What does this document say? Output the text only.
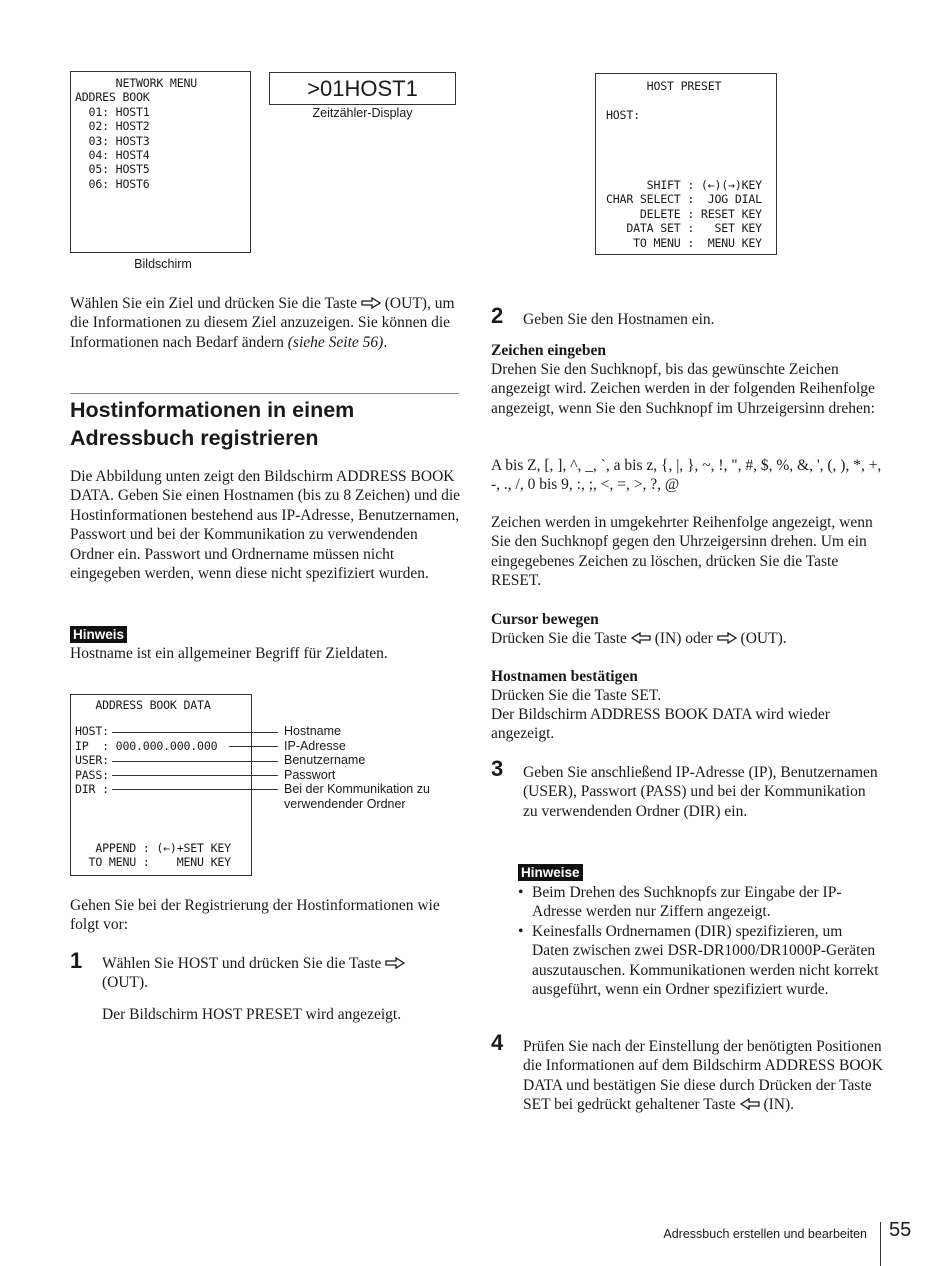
NETWORK MENU
ADDRES BOOK
01: HOST1
02: HOST2
03: HOST3
04: HOST4
05: HOST5
06: HOST6
Bildschirm
>01HOST1
Zeitzähler-Display
HOST PRESET

HOST:
SHIFT : (←)(→)KEY
CHAR SELECT :  JOG DIAL
DELETE : RESET KEY
DATA SET :   SET KEY
TO MENU :  MENU KEY
Wählen Sie ein Ziel und drücken Sie die Taste (OUT), um die Informationen zu diesem Ziel anzuzeigen. Sie können die Informationen nach Bedarf ändern (siehe Seite 56).
Hostinformationen in einem Adressbuch registrieren
Die Abbildung unten zeigt den Bildschirm ADDRESS BOOK DATA. Geben Sie einen Hostnamen (bis zu 8 Zeichen) und die Hostinformationen bestehend aus IP-Adresse, Benutzernamen, Passwort und bei der Kommunikation zu verwendenden Ordner ein. Passwort und Ordnername müssen nicht eingegeben werden, wenn diese nicht spezifiziert wurden.
Hinweis
Hostname ist ein allgemeiner Begriff für Zieldaten.
ADDRESS BOOK DATA
HOST:
IP  : 000.000.000.000
USER:
PASS:
DIR :
APPEND : (←)+SET KEY
TO MENU :    MENU KEY
Hostname
IP-Adresse
Benutzername
Passwort
Bei der Kommunikation zu verwendender Ordner
Gehen Sie bei der Registrierung der Hostinformationen wie folgt vor:
1 Wählen Sie HOST und drücken Sie die Taste  (OUT).
Der Bildschirm HOST PRESET wird angezeigt.
2 Geben Sie den Hostnamen ein.
Zeichen eingeben
Drehen Sie den Suchknopf, bis das gewünschte Zeichen angezeigt wird. Zeichen werden in der folgenden Reihenfolge angezeigt, wenn Sie den Suchknopf im Uhrzeigersinn drehen:
A bis Z, [, ], ^, _, `, a bis z, {, |, }, ~, !, ", #, $, %, &, ', (, ), *, +, -, ., /, 0 bis 9, :, ;, <, =, >, ?, @
Zeichen werden in umgekehrter Reihenfolge angezeigt, wenn Sie den Suchknopf gegen den Uhrzeigersinn drehen. Um ein eingegebenes Zeichen zu löschen, drücken Sie die Taste RESET.
Cursor bewegen
Drücken Sie die Taste (IN) oder (OUT).
Hostnamen bestätigen
Drücken Sie die Taste SET.
Der Bildschirm ADDRESS BOOK DATA wird wieder angezeigt.
3 Geben Sie anschließend IP-Adresse (IP), Benutzernamen (USER), Passwort (PASS) und bei der Kommunikation zu verwendenden Ordner (DIR) ein.
Hinweise
• Beim Drehen des Suchknopfs zur Eingabe der IP-Adresse werden nur Ziffern angezeigt.
• Keinesfalls Ordnernamen (DIR) spezifizieren, um Daten zwischen zwei DSR-DR1000/DR1000P-Geräten auszutauschen. Kommunikationen werden nicht korrekt ausgeführt, wenn ein Ordner spezifiziert wurde.
4 Prüfen Sie nach der Einstellung der benötigten Positionen die Informationen auf dem Bildschirm ADDRESS BOOK DATA und bestätigen Sie diese durch Drücken der Taste SET bei gedrückt gehaltener Taste (IN).
Adressbuch erstellen und bearbeiten 55
